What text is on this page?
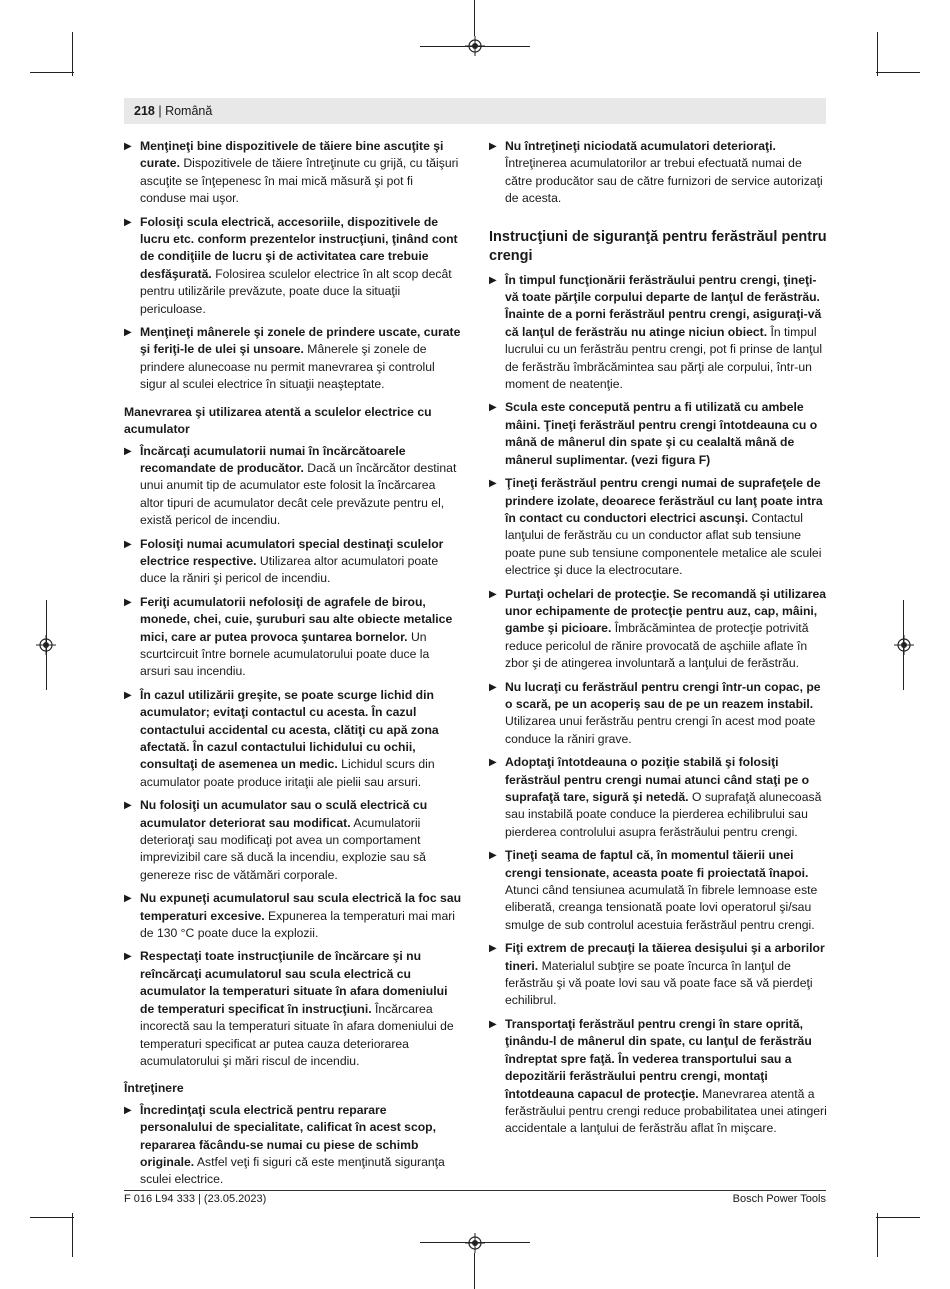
218 | Română
▶ Menţineţi bine dispozitivele de tăiere bine ascuţite şi curate. Dispozitivele de tăiere întreţinute cu grijă, cu tăişuri ascuţite se înţepenesc în mai mică măsură şi pot fi conduse mai uşor.
▶ Folosiţi scula electrică, accesoriile, dispozitivele de lucru etc. conform prezentelor instrucţiuni, ţinând cont de condiţiile de lucru şi de activitatea care trebuie desfăşurată. Folosirea sculelor electrice în alt scop decât pentru utilizările prevăzute, poate duce la situaţii periculoase.
▶ Menţineţi mânerele şi zonele de prindere uscate, curate şi feriţi-le de ulei şi unsoare. Mânerele şi zonele de prindere alunecoase nu permit manevrarea şi controlul sigur al sculei electrice în situaţii neaşteptate.
Manevrarea şi utilizarea atentă a sculelor electrice cu acumulator
▶ Încărcaţi acumulatorii numai în încărcătoarele recomandate de producător. Dacă un încărcător destinat unui anumit tip de acumulator este folosit la încărcarea altor tipuri de acumulator decât cele prevăzute pentru el, există pericol de incendiu.
▶ Folosiţi numai acumulatori special destinaţi sculelor electrice respective. Utilizarea altor acumulatori poate duce la răniri şi pericol de incendiu.
▶ Feriţi acumulatorii nefolosiţi de agrafele de birou, monede, chei, cuie, şuruburi sau alte obiecte metalice mici, care ar putea provoca şuntarea bornelor. Un scurtcircuit între bornele acumulatorului poate duce la arsuri sau incendiu.
▶ În cazul utilizării greşite, se poate scurge lichid din acumulator; evitaţi contactul cu acesta. În cazul contactului accidental cu acesta, clătiţi cu apă zona afectată. În cazul contactului lichidului cu ochii, consultaţi de asemenea un medic. Lichidul scurs din acumulator poate produce iritaţii ale pielii sau arsuri.
▶ Nu folosiţi un acumulator sau o sculă electrică cu acumulator deteriorat sau modificat. Acumulatorii deterioraţi sau modificaţi pot avea un comportament imprevizibil care să ducă la incendiu, explozie sau să genereze risc de vătămări corporale.
▶ Nu expuneţi acumulatorul sau scula electrică la foc sau temperaturi excesive. Expunerea la temperaturi mai mari de 130 °C poate duce la explozii.
▶ Respectaţi toate instrucţiunile de încărcare şi nu reîncărcaţi acumulatorul sau scula electrică cu acumulator la temperaturi situate în afara domeniului de temperaturi specificat în instrucţiuni. Încărcarea incorectă sau la temperaturi situate în afara domeniului de temperaturi specificat ar putea cauza deteriorarea acumulatorului şi mări riscul de incendiu.
Întreţinere
▶ Încredinţaţi scula electrică pentru reparare personalului de specialitate, calificat în acest scop, repararea făcându-se numai cu piese de schimb originale. Astfel veţi fi siguri că este menţinută siguranţa sculei electrice.
▶ Nu întreţineţi niciodată acumulatori deterioraţi. Întreţinerea acumulatorilor ar trebui efectuată numai de către producător sau de către furnizori de service autorizaţi de acesta.
Instrucţiuni de siguranţă pentru ferăstrăul pentru crengi
▶ În timpul funcţionării ferăstrăului pentru crengi, ţineţi-vă toate părţile corpului departe de lanţul de ferăstrău. Înainte de a porni ferăstrăul pentru crengi, asiguraţi-vă că lanţul de ferăstrău nu atinge niciun obiect. În timpul lucrului cu un ferăstrău pentru crengi, pot fi prinse de lanţul de ferăstrău îmbrăcămintea sau părţi ale corpului, într-un moment de neatenţie.
▶ Scula este concepută pentru a fi utilizată cu ambele mâini. Ţineţi ferăstrăul pentru crengi întotdeauna cu o mână de mânerul din spate şi cu cealaltă mână de mânerul suplimentar. (vezi figura F)
▶ Ţineţi ferăstrăul pentru crengi numai de suprafeţele de prindere izolate, deoarece ferăstrăul cu lanţ poate intra în contact cu conductori electrici ascunşi. Contactul lanţului de ferăstrău cu un conductor aflat sub tensiune poate pune sub tensiune componentele metalice ale sculei electrice şi duce la electrocutare.
▶ Purtaţi ochelari de protecţie. Se recomandă şi utilizarea unor echipamente de protecţie pentru auz, cap, mâini, gambe şi picioare. Îmbrăcămintea de protecţie potrivită reduce pericolul de rănire provocată de aşchiile aflate în zbor şi de atingerea involuntară a lanţului de ferăstrău.
▶ Nu lucraţi cu ferăstrăul pentru crengi într-un copac, pe o scară, pe un acoperiş sau de pe un reazem instabil. Utilizarea unui ferăstrău pentru crengi în acest mod poate conduce la răniri grave.
▶ Adoptaţi întotdeauna o poziţie stabilă şi folosiţi ferăstrăul pentru crengi numai atunci când staţi pe o suprafaţă tare, sigură şi netedă. O suprafaţă alunecoasă sau instabilă poate conduce la pierderea echilibrului sau pierderea controlului asupra ferăstrăului pentru crengi.
▶ Ţineţi seama de faptul că, în momentul tăierii unei crengi tensionate, aceasta poate fi proiectată înapoi. Atunci când tensiunea acumulată în fibrele lemnoase este eliberată, creanga tensionată poate lovi operatorul şi/sau smulge de sub controlul acestuia ferăstrăul pentru crengi.
▶ Fiţi extrem de precauţi la tăierea desişului şi a arborilor tineri. Materialul subţire se poate încurca în lanţul de ferăstrău şi vă poate lovi sau vă poate face să vă pierdeţi echilibrul.
▶ Transportaţi ferăstrăul pentru crengi în stare oprită, ţinându-l de mânerul din spate, cu lanţul de ferăstrău îndreptat spre faţă. În vederea transportului sau a depozitării ferăstrăului pentru crengi, montaţi întotdeauna capacul de protecţie. Manevrarea atentă a ferăstrăului pentru crengi reduce probabilitatea unei atingeri accidentale a lanţului de ferăstrău aflat în mişcare.
F 016 L94 333 | (23.05.2023)	Bosch Power Tools
